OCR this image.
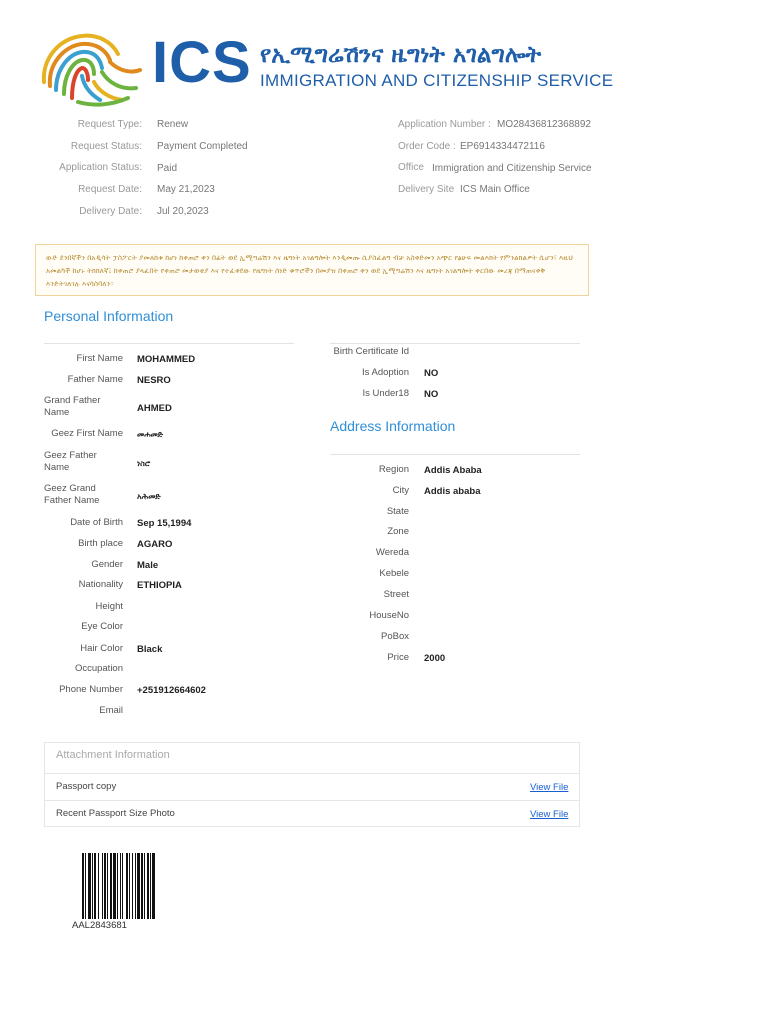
ICS የኢሚግሬሽንና ዜግነት አገልግሎት
IMMIGRATION AND CITIZENSHIP SERVICE
Request Type: Renew
Request Status: Payment Completed
Application Status: Paid
Request Date: May 21,2023
Delivery Date: Jul 20,2023
Application Number : MO28436812368892
Order Code : EP6914334472116
Office Immigration and Citizenship Service
Delivery Site ICS Main Office
ውድ ደንበኛችን በአዲሳት ፓስፖርት ያመለከቱ ከሆነ ከቀጠሮ ቀን በፊት ወደ ኢሚግሬሽን እና ዜግነት አገልግሎት እንዲመጡ ሲያስፈልግ ብቻ አስቀድመን አጭር የፅሁፍ መልእክት የምንልክልዎት ሲሆን፣ እዚህ አመልካች ከሆኑ ትክክለኛ፤ ከቀጠሮ ያላፈበት የቀጠሮ መታወቂያ እና የተፈቀደው የዜግነት ሰነድ ቁጥሮችን በመያዝ በቀጠሮ ቀን ወደ ኢሚግሬሽን እና ዜግነት አገልግሎት ቀርበው መረጃ በማጠናቀቅ እንድትገለገሉ እናሳስባለን።
Personal Information
First Name MOHAMMED
Father Name NESRO
Grand Father Name	AHMED
Geez First Name መሐመድ
Geez Father Name	ነስሮ
Geez Grand Father Name	አሕመድ
Date of Birth Sep 15,1994
Birth place AGARO
Gender Male
Nationality ETHIOPIA
Height
Eye Color
Hair Color Black
Occupation
Phone Number +251912664602
Email
Birth Certificate Id
Is Adoption NO
Is Under18 NO
Address Information
Region Addis Ababa
City Addis ababa
State
Zone
Wereda
Kebele
Street
HouseNo
PoBox
Price 2000
Attachment Information
Passport copy	View File
Recent Passport Size Photo	View File
AAL2843681
